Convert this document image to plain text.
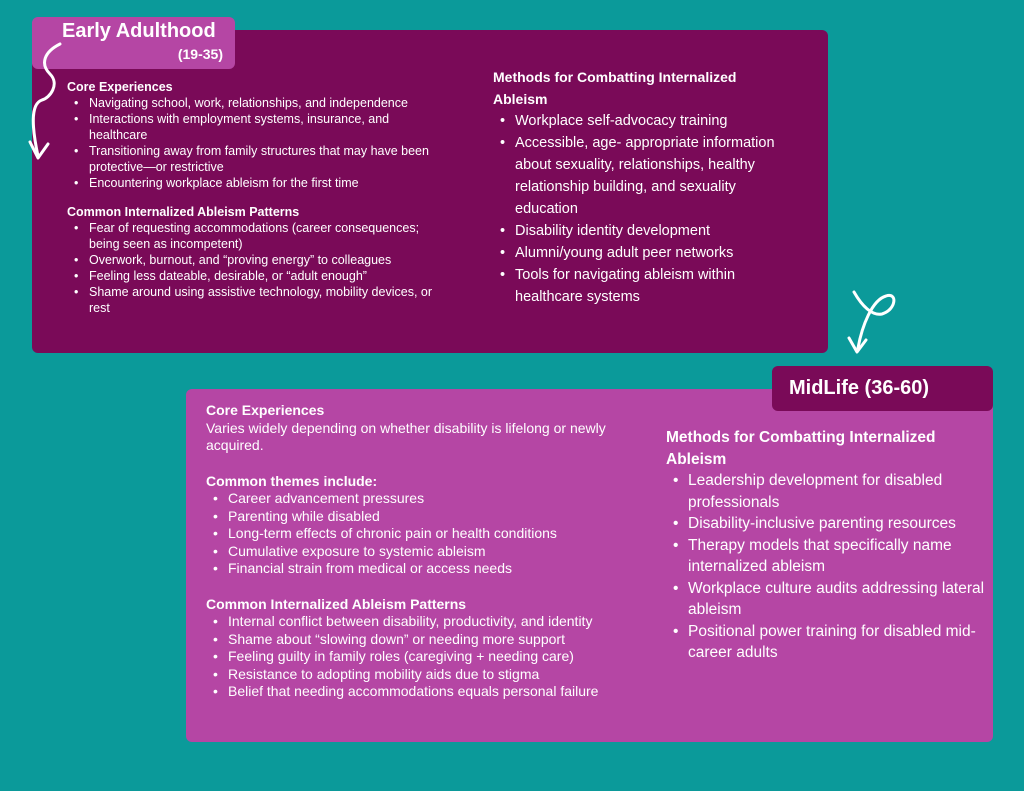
Early Adulthood
(19-35)
Core Experiences
• Navigating school, work, relationships, and independence
• Interactions with employment systems, insurance, and healthcare
• Transitioning away from family structures that may have been protective—or restrictive
• Encountering workplace ableism for the first time
Common Internalized Ableism Patterns
• Fear of requesting accommodations (career consequences; being seen as incompetent)
• Overwork, burnout, and “proving energy” to colleagues
• Feeling less dateable, desirable, or “adult enough”
• Shame around using assistive technology, mobility devices, or rest
Methods for Combatting Internalized Ableism
• Workplace self-advocacy training
• Accessible, age- appropriate information about sexuality, relationships, healthy relationship building, and sexuality education
• Disability identity development
• Alumni/young adult peer networks
• Tools for navigating ableism within healthcare systems
MidLife (36-60)
Core Experiences
Varies widely depending on whether disability is lifelong or newly acquired.
Common themes include:
• Career advancement pressures
• Parenting while disabled
• Long-term effects of chronic pain or health conditions
• Cumulative exposure to systemic ableism
• Financial strain from medical or access needs
Common Internalized Ableism Patterns
• Internal conflict between disability, productivity, and identity
• Shame about “slowing down” or needing more support
• Feeling guilty in family roles (caregiving + needing care)
• Resistance to adopting mobility aids due to stigma
• Belief that needing accommodations equals personal failure
Methods for Combatting Internalized Ableism
• Leadership development for disabled professionals
• Disability-inclusive parenting resources
• Therapy models that specifically name internalized ableism
• Workplace culture audits addressing lateral ableism
• Positional power training for disabled mid-career adults
